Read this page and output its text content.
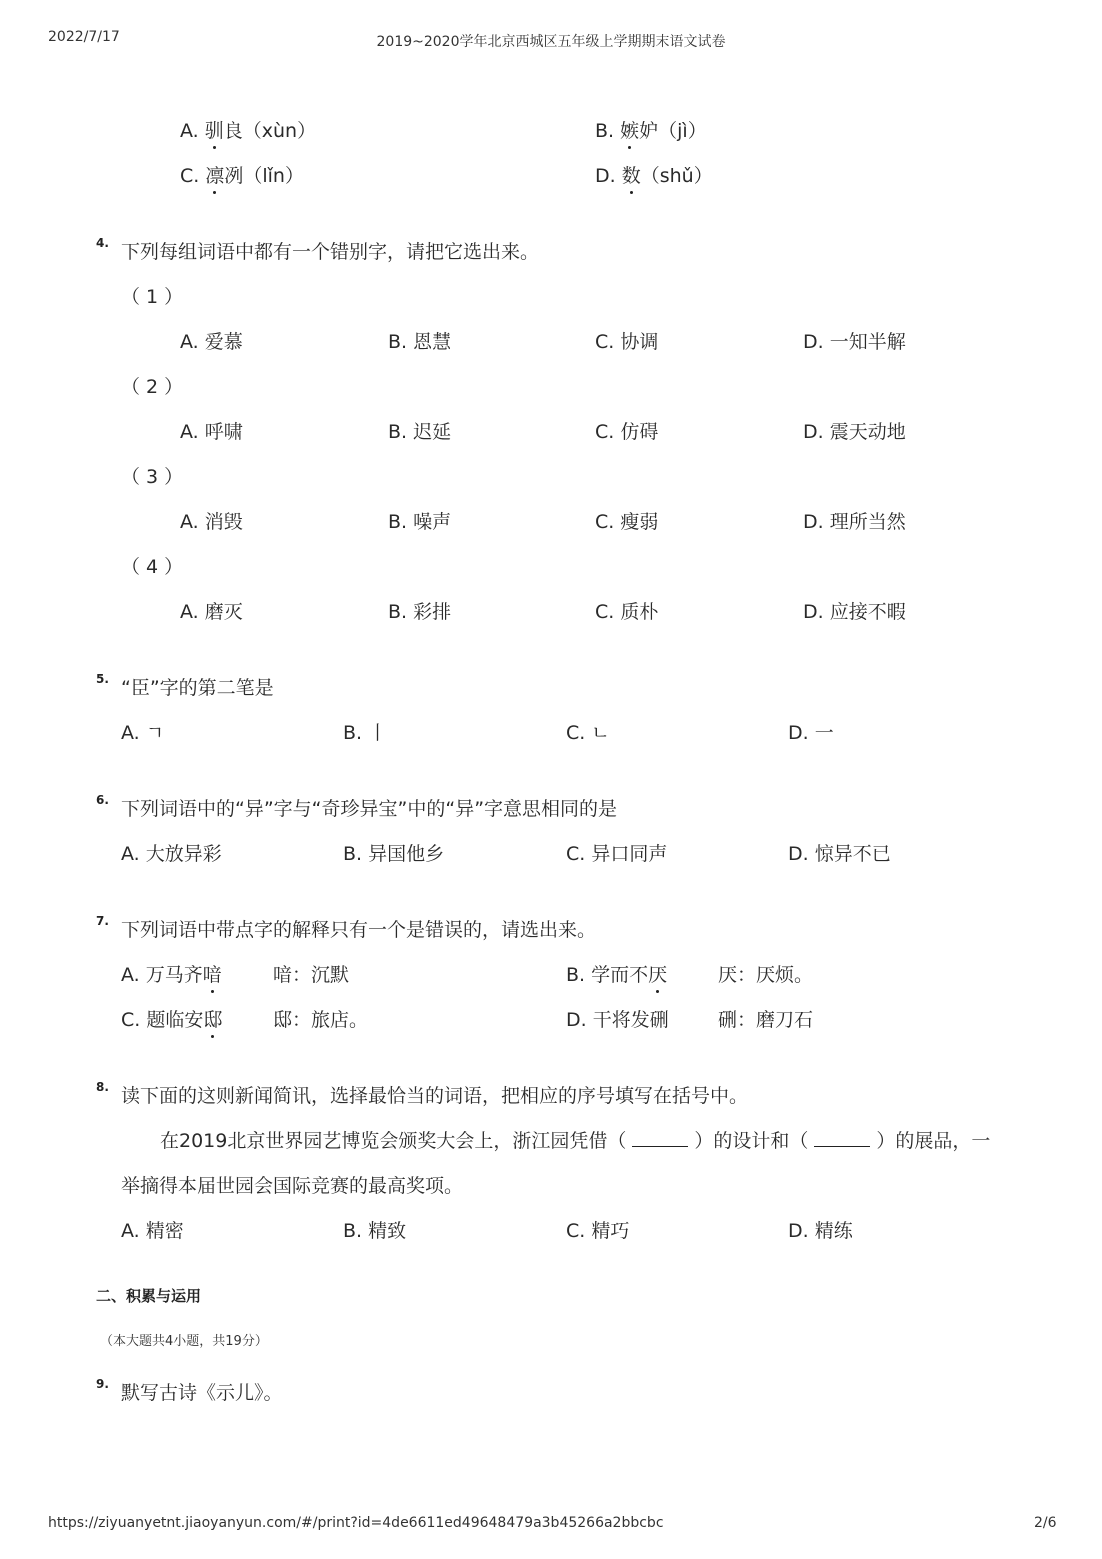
2022/7/17	2019~2020学年北京西城区五年级上学期期末语文试卷
A. 驯良（xùn）	B. 嫉妒（jì）
C. 凛冽（lǐn）	D. 数（shǔ）
4. 下列每组词语中都有一个错别字，请把它选出来。
（ 1 ）
A. 爱慕	B. 恩慧	C. 协调	D. 一知半解
（ 2 ）
A. 呼啸	B. 迟延	C. 仿碍	D. 震天动地
（ 3 ）
A. 消毁	B. 噪声	C. 瘦弱	D. 理所当然
（ 4 ）
A. 磨灭	B. 彩排	C. 质朴	D. 应接不暇
5. “臣”字的第二笔是
A. ㄱ	B. 丨	C. ㄴ	D. 一
6. 下列词语中的“异”字与“奇珍异宝”中的“异”字意思相同的是
A. 大放异彩	B. 异国他乡	C. 异口同声	D. 惊异不已
7. 下列词语中带点字的解释只有一个是错误的，请选出来。
A. 万马齐喑	喑：沉默	B. 学而不厌	厌：厌烦。
C. 题临安邸	邸：旅店。	D. 干将发硎	硎：磨刀石
8. 读下面的这则新闻简讯，选择最恰当的词语，把相应的序号填写在括号中。
在2019北京世界园艺博览会颁奖大会上，浙江园凭借（	）的设计和（	）的展品，一
举摘得本届世园会国际竞赛的最高奖项。
A. 精密	B. 精致	C. 精巧	D. 精练
二、积累与运用
（本大题共4小题，共19分）
9. 默写古诗《示儿》。
https://ziyuanyetnt.jiaoyanyun.com/#/print?id=4de6611ed49648479a3b45266a2bbcbc	2/6
